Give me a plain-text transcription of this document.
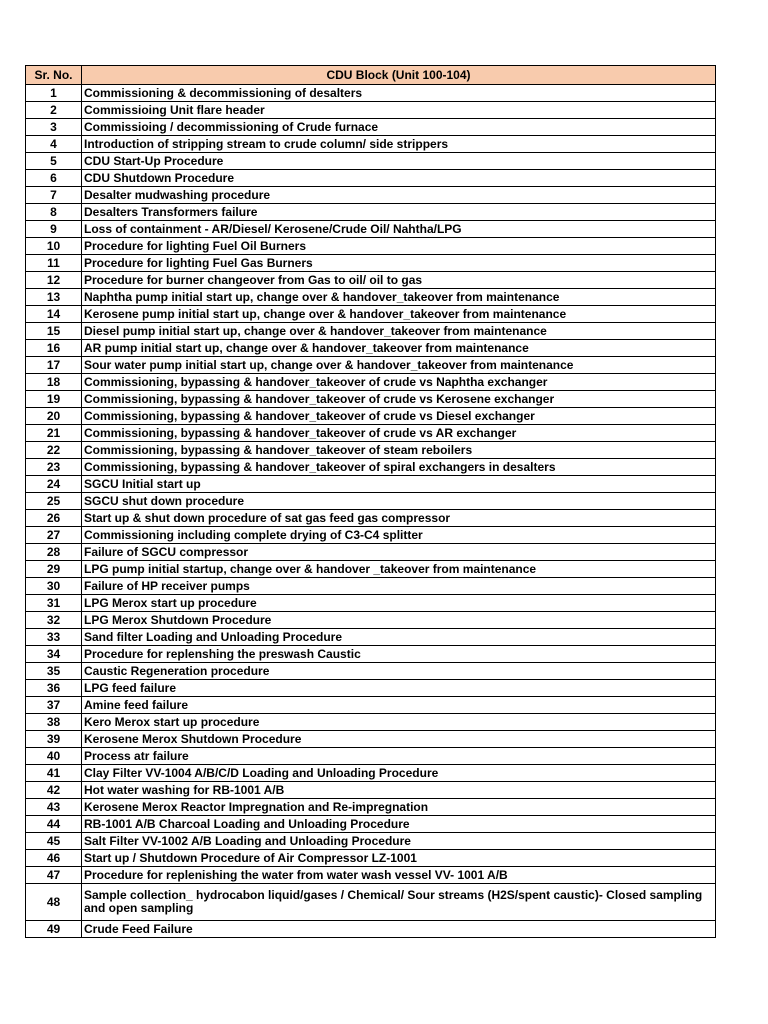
Sr. No.	CDU Block (Unit 100-104)
1	Commissioning & decommissioning of desalters
2	Commissioing Unit flare header
3	Commissioing / decommissioning of Crude furnace
4	Introduction of stripping stream to crude column/ side strippers
5	CDU Start-Up Procedure
6	CDU Shutdown Procedure
7	Desalter mudwashing procedure
8	Desalters Transformers failure
9	Loss of containment - AR/Diesel/ Kerosene/Crude Oil/ Nahtha/LPG
10	Procedure for lighting Fuel Oil Burners
11	Procedure for lighting Fuel Gas Burners
12	Procedure for burner changeover from Gas to oil/ oil to gas
13	Naphtha pump initial start up, change over & handover_takeover from maintenance
14	Kerosene pump initial start up, change over & handover_takeover from maintenance
15	Diesel pump initial start up, change over & handover_takeover from maintenance
16	AR pump initial start up, change over & handover_takeover from maintenance
17	Sour water pump initial start up, change over & handover_takeover from maintenance
18	Commissioning, bypassing & handover_takeover of crude vs Naphtha exchanger
19	Commissioning, bypassing & handover_takeover of crude vs Kerosene exchanger
20	Commissioning, bypassing & handover_takeover of crude vs Diesel exchanger
21	Commissioning, bypassing & handover_takeover of crude vs AR exchanger
22	Commissioning, bypassing & handover_takeover of steam reboilers
23	Commissioning, bypassing & handover_takeover of spiral exchangers in desalters
24	SGCU Initial start up
25	SGCU shut down procedure
26	Start up & shut down procedure of sat gas feed gas compressor
27	Commissioning including complete drying of C3-C4 splitter
28	Failure of SGCU compressor
29	LPG pump initial startup, change over & handover _takeover from maintenance
30	Failure of HP receiver pumps
31	LPG Merox start up procedure
32	LPG Merox Shutdown Procedure
33	Sand filter Loading and Unloading Procedure
34	Procedure for replenshing the preswash Caustic
35	Caustic Regeneration procedure
36	LPG feed failure
37	Amine feed failure
38	Kero Merox start up procedure
39	Kerosene Merox Shutdown Procedure
40	Process atr failure
41	Clay Filter VV-1004 A/B/C/D Loading and Unloading Procedure
42	Hot water washing for RB-1001 A/B
43	Kerosene Merox Reactor Impregnation and Re-impregnation
44	RB-1001 A/B Charcoal Loading and Unloading Procedure
45	Salt Filter VV-1002 A/B Loading and Unloading Procedure
46	Start up / Shutdown Procedure of Air Compressor LZ-1001
47	Procedure for replenishing the water from water wash vessel VV- 1001 A/B
48	Sample collection_ hydrocabon liquid/gases / Chemical/ Sour streams (H2S/spent caustic)- Closed sampling and open sampling
49	Crude Feed Failure
